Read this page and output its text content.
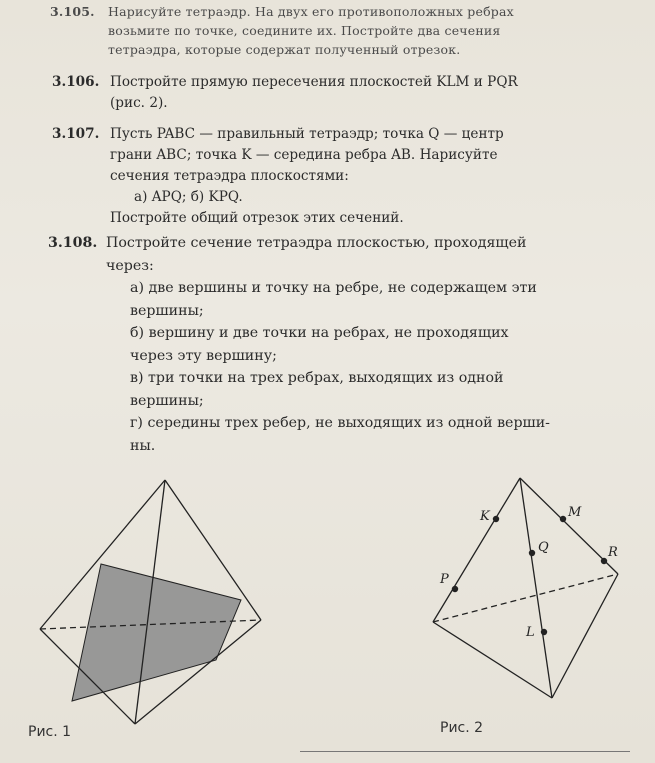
3.105. Нарисуйте тетраэдр. На двух его противоположных ребрах
возьмите по точке, соедините их. Постройте два сечения
тетраэдра, которые содержат полученный отрезок.
3.106. Постройте прямую пересечения плоскостей KLM и PQR
(рис. 2).
3.107. Пусть PABC — правильный тетраэдр; точка Q — центр
грани ABC; точка K — середина ребра AB. Нарисуйте
сечения тетраэдра плоскостями:
а) APQ; б) KPQ.
Постройте общий отрезок этих сечений.
3.108. Постройте сечение тетраэдра плоскостью, проходящей
через:
а) две вершины и точку на ребре, не содержащем эти
вершины;
б) вершину и две точки на ребрах, не проходящих
через эту вершину;
в) три точки на трех ребрах, выходящих из одной
вершины;
г) середины трех ребер, не выходящих из одной верши-
ны.
K	M
Q	R
P
L
Рис. 1	Рис. 2
